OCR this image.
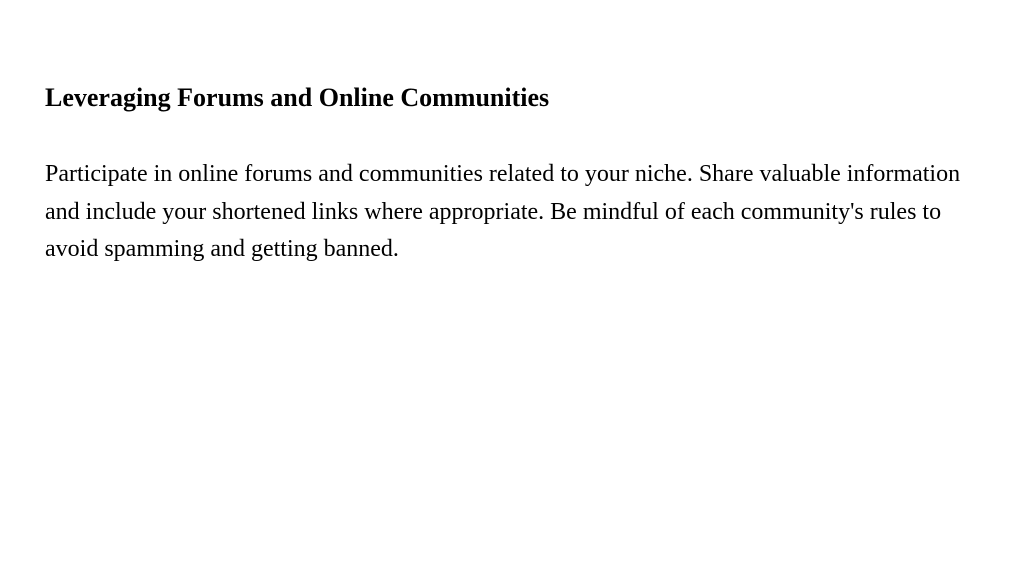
Leveraging Forums and Online Communities

Participate in online forums and communities related to your niche. Share valuable information and include your shortened links where appropriate. Be mindful of each community's rules to avoid spamming and getting banned.
